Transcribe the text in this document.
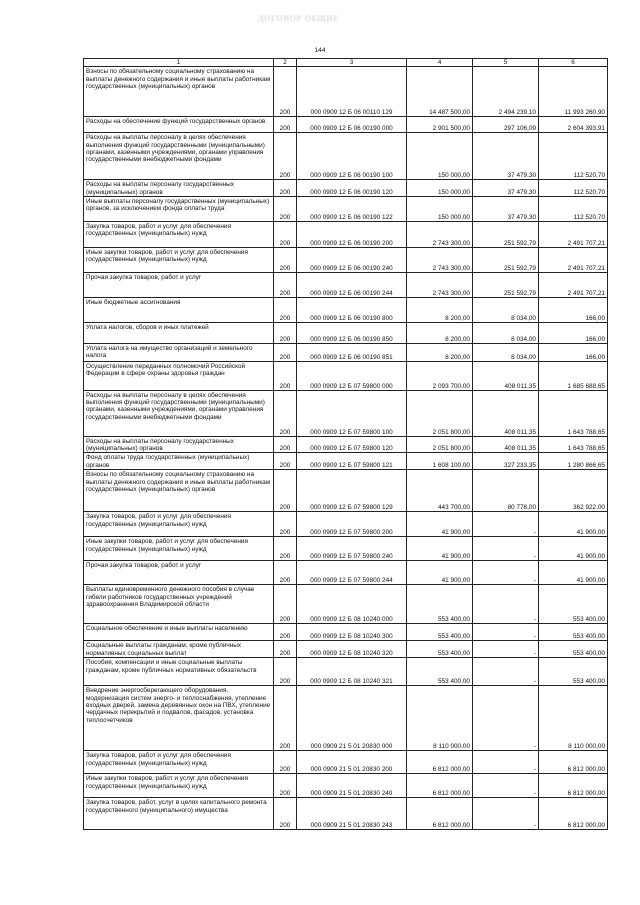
ДОГОВОР ОБЩИЕ
144
1	2	3	4	5	6
Взносы по обязательному социальному страхованию на выплаты денежного содержания и иные выплаты работникам государственных (муниципальных) органов	200	000 0909 12 Б 06 00110 129	14 487 500,00	2 494 239,10	11 993 260,90
Расходы на обеспечение функций государственных органов	200	000 0909 12 Б 06 00190 000	2 901 500,00	297 106,09	2 604 393,91
Расходы на выплаты персоналу в целях обеспечения выполнения функций государственными (муниципальными) органами, казенными учреждениями, органами управления государственными внебюджетными фондами	200	000 0909 12 Б 06 00190 100	150 000,00	37 479,30	112 520,70
Расходы на выплаты персоналу государственных (муниципальных) органов	200	000 0909 12 Б 06 00190 120	150 000,00	37 479,30	112 520,70
Иные выплаты персоналу государственных (муниципальных) органов, за исключением фонда оплаты труда	200	000 0909 12 Б 06 00190 122	150 000,00	37 479,30	112 520,70
Закупка товаров, работ и услуг для обеспечения государственных (муниципальных) нужд	200	000 0909 12 Б 06 00190 200	2 743 300,00	251 592,79	2 491 707,21
Иные закупки товаров, работ и услуг для обеспечения государственных (муниципальных) нужд	200	000 0909 12 Б 06 00190 240	2 743 300,00	251 592,79	2 491 707,21
Прочая закупка товаров, работ и услуг	200	000 0909 12 Б 06 00190 244	2 743 300,00	251 592,79	2 491 707,21
Иные бюджетные ассигнования	200	000 0909 12 Б 06 00190 800	8 200,00	8 034,00	166,00
Уплата налогов, сборов и иных платежей	200	000 0909 12 Б 06 00190 850	8 200,00	8 034,00	166,00
Уплата налога на имущество организаций и земельного налога	200	000 0909 12 Б 06 00190 851	8 200,00	8 034,00	166,00
Осуществление переданных полномочий Российской Федерации в сфере охраны здоровья граждан	200	000 0909 12 Б 07 59800 000	2 093 700,00	408 011,35	1 685 688,65
Расходы на выплаты персоналу в целях обеспечения выполнения функций государственными (муниципальными) органами, казенными учреждениями, органами управления государственными внебюджетными фондами	200	000 0909 12 Б 07 59800 100	2 051 800,00	408 011,35	1 643 788,65
Расходы на выплаты персоналу государственных (муниципальных) органов	200	000 0909 12 Б 07 59800 120	2 051 800,00	408 011,35	1 643 788,65
Фонд оплаты труда государственных (муниципальных) органов	200	000 0909 12 Б 07 59800 121	1 608 100,00	327 233,35	1 280 866,65
Взносы по обязательному социальному страхованию на выплаты денежного содержания и иные выплаты работникам государственных (муниципальных) органов	200	000 0909 12 Б 07 59800 129	443 700,00	80 778,00	362 922,00
Закупка товаров, работ и услуг для обеспечения государственных (муниципальных) нужд	200	000 0909 12 Б 07 59800 200	41 900,00	-	41 900,00
Иные закупки товаров, работ и услуг для обеспечения государственных (муниципальных) нужд	200	000 0909 12 Б 07 59800 240	41 900,00	-	41 900,00
Прочая закупка товаров, работ и услуг	200	000 0909 12 Б 07 59800 244	41 900,00	-	41 900,00
Выплаты единовременного денежного пособия в случае гибели работников государственных учреждений здравоохранения Владимирской области	200	000 0909 12 Б 08 10240 000	553 400,00	-	553 400,00
Социальное обеспечение и иные выплаты населению	200	000 0909 12 Б 08 10240 300	553 400,00	-	553 400,00
Социальные выплаты гражданам, кроме публичных нормативных социальных выплат	200	000 0909 12 Б 08 10240 320	553 400,00	-	553 400,00
Пособия, компенсации и иные социальные выплаты гражданам, кроме публичных нормативных обязательств	200	000 0909 12 Б 08 10240 321	553 400,00	-	553 400,00
Внедрение энергосберегающего оборудования, модернизация систем энерго- и теплоснабжения, утепление входных дверей, замена деревянных окон на ПВХ, утепление чердачных перекрытий и подвалов, фасадов, установка теплосчетчиков	200	000 0909 21 5 01 20830 000	8 110 000,00	-	8 110 000,00
Закупка товаров, работ и услуг для обеспечения государственных (муниципальных) нужд	200	000 0909 21 5 01 20830 200	6 812 000,00	-	6 812 000,00
Иные закупки товаров, работ и услуг для обеспечения государственных (муниципальных) нужд	200	000 0909 21 5 01 20830 240	6 812 000,00	-	6 812 000,00
Закупка товаров, работ, услуг в целях капитального ремонта государственного (муниципального) имущества	200	000 0909 21 5 01 20830 243	6 812 000,00	-	6 812 000,00
